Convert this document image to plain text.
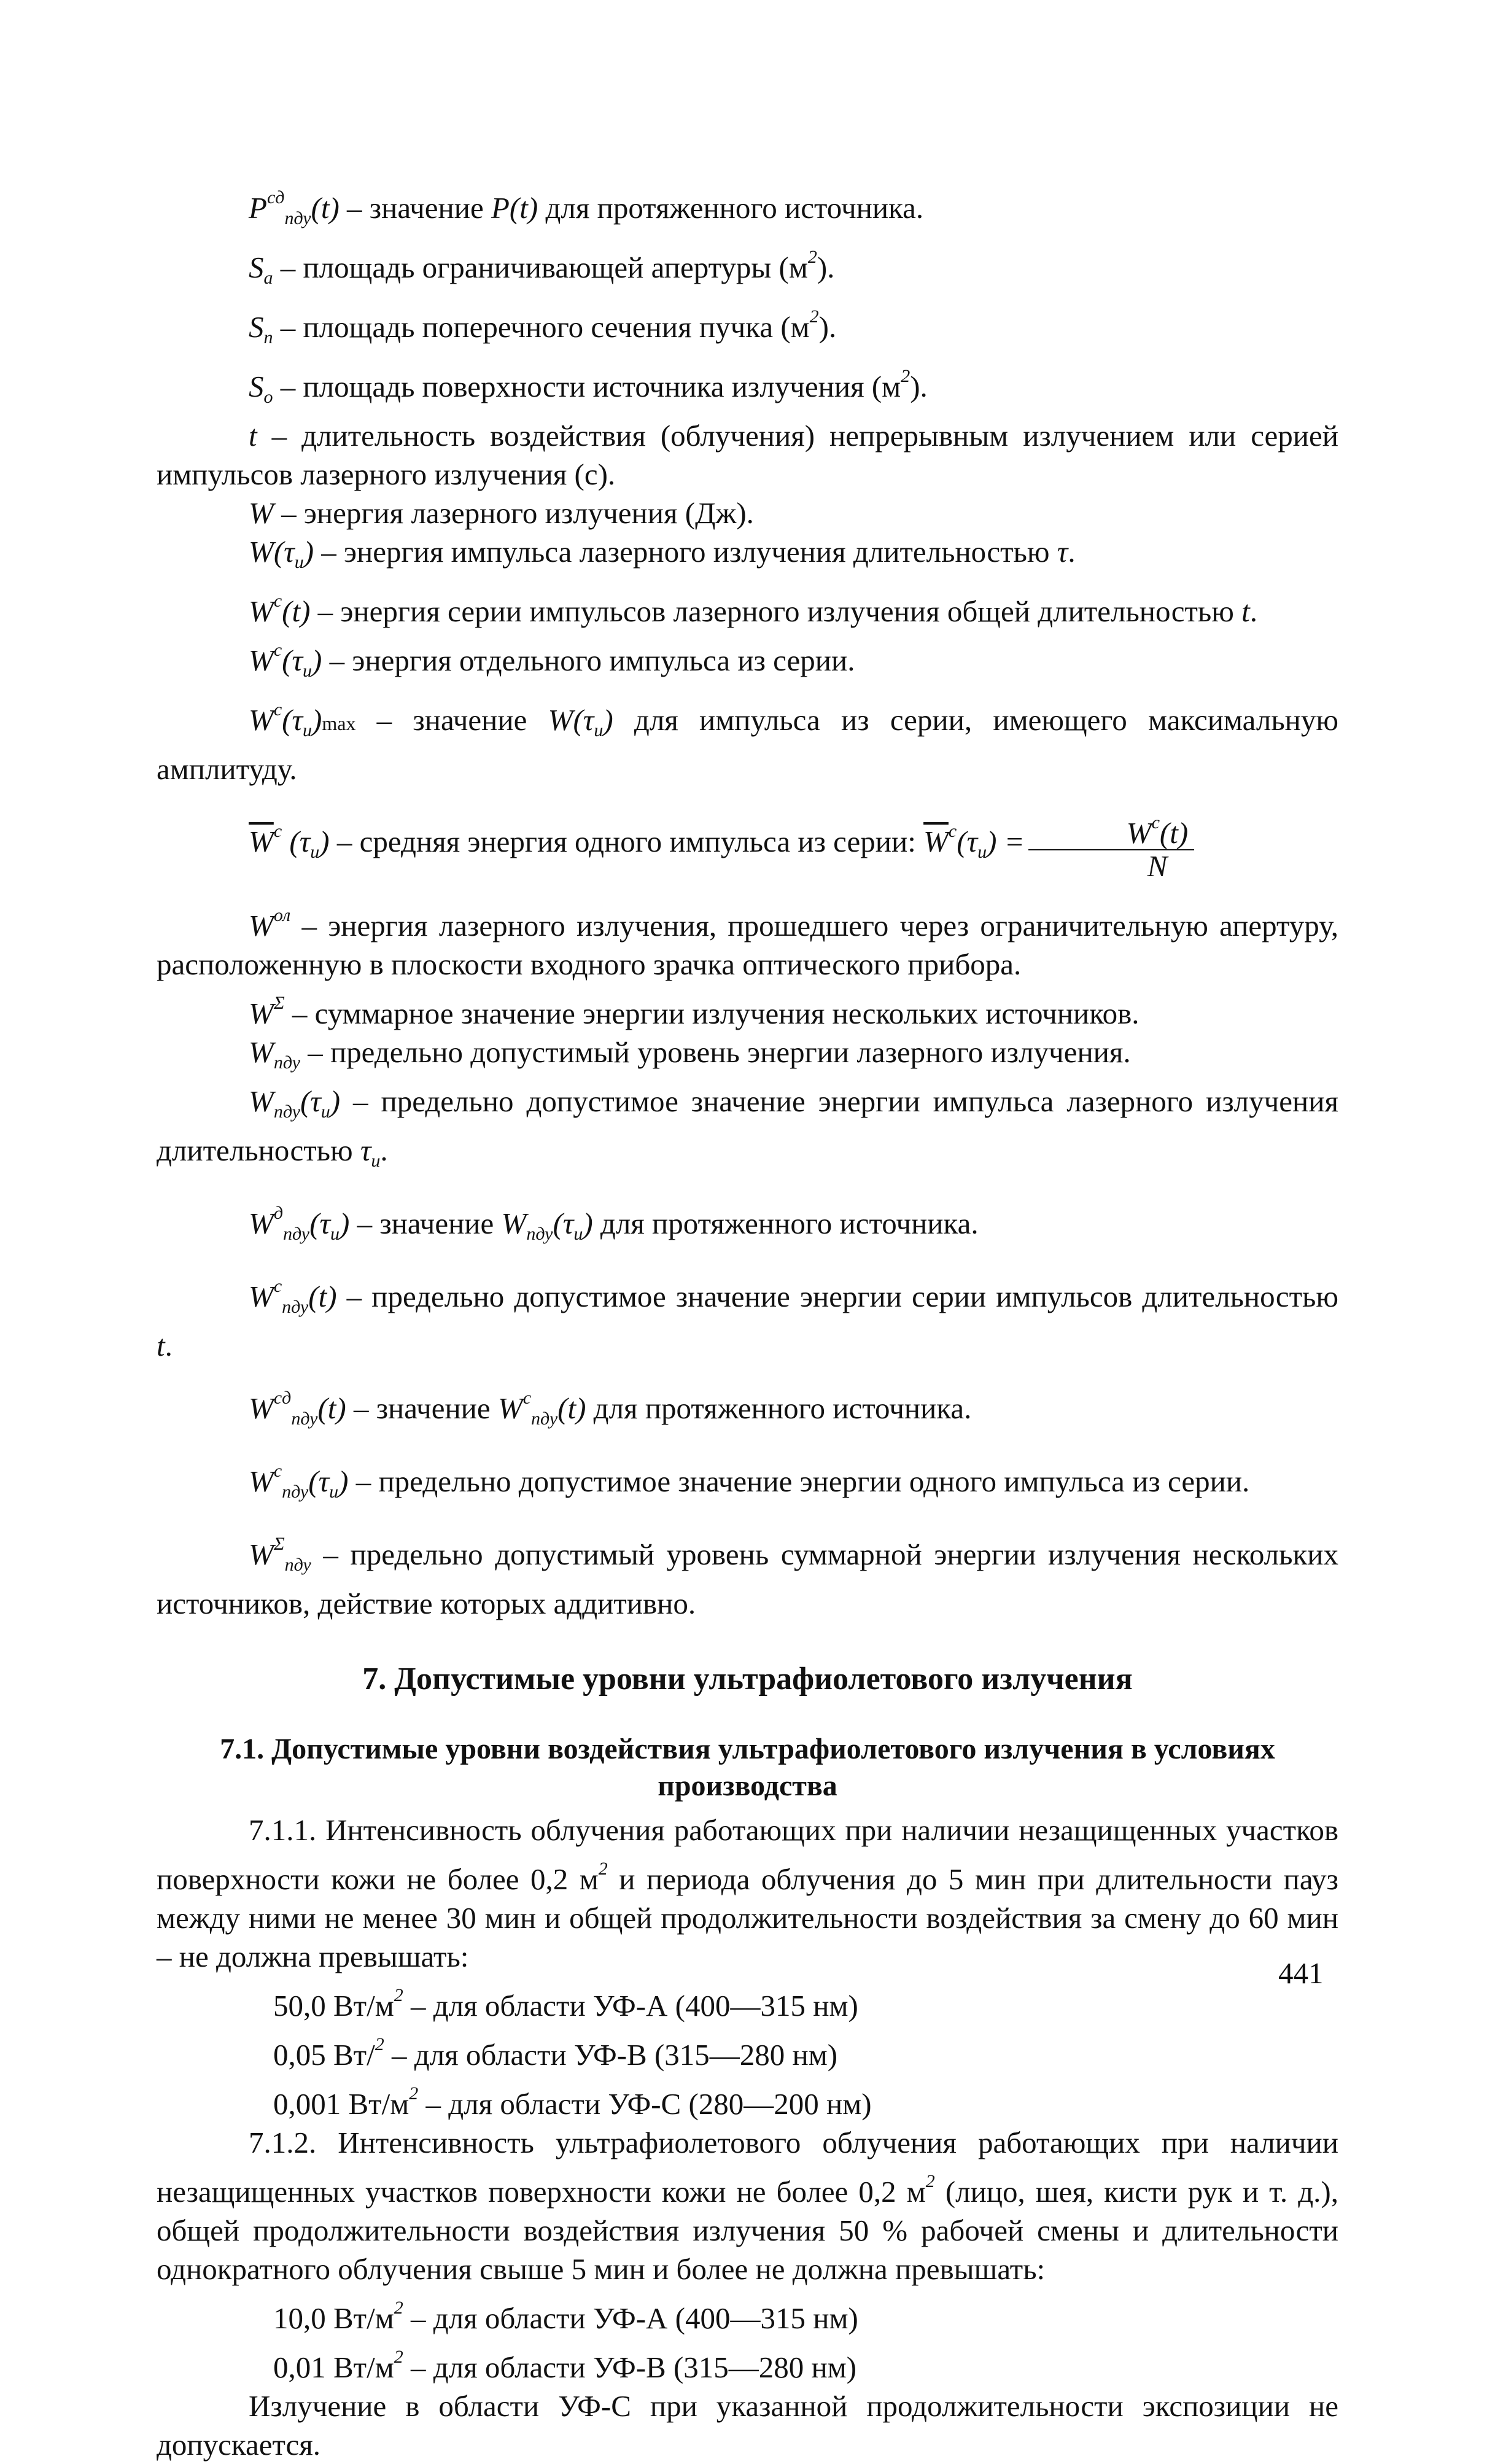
$P^{сд}_{пду}(t)$ – значение P(t) для протяженного источника.

$S_a$ – площадь ограничивающей апертуры $(м^2)$.

$S_n$ – площадь поперечного сечения пучка $(м^2)$.

$S_o$ – площадь поверхности источника излучения $(м^2)$.

t – длительность воздействия (облучения) непрерывным излучением или серией импульсов лазерного излучения (с).

W – энергия лазерного излучения (Дж).

$W(\tau_u)$ – энергия импульса лазерного излучения длительностью τ.

$W^c(t)$ – энергия серии импульсов лазерного излучения общей длительностью t.

$W^c(\tau_u)$ – энергия отдельного импульса из серии.

$W^c(\tau_u)\max$ – значение $W(\tau_u)$ для импульса из серии, имеющего максимальную амплитуду.

$\overline{W}^c$ $(\tau_u)$ – средняя энергия одного импульса из серии: $\overline{W}^c(\tau_u) = \frac{W^c(t)}{N}$

$W^{ол}$ – энергия лазерного излучения, прошедшего через ограничительную апертуру, расположенную в плоскости входного зрачка оптического прибора.

$W^\Sigma$ – суммарное значение энергии излучения нескольких источников.

$W_{пду}$ – предельно допустимый уровень энергии лазерного излучения.

$W_{пду}(\tau_u)$ – предельно допустимое значение энергии импульса лазерного излучения длительностью $\tau_u$.

$W^д_{пду}(\tau_u)$ – значение $W_{пду}(\tau_u)$ для протяженного источника.

$W^c_{пду}(t)$ – предельно допустимое значение энергии серии импульсов длительностью t.

$W^{сд}_{пду}(t)$ – значение $W^c_{пду}(t)$ для протяженного источника.

$W^c_{пду}(\tau_u)$ – предельно допустимое значение энергии одного импульса из серии.

$W^\Sigma_{пду}$ – предельно допустимый уровень суммарной энергии излучения нескольких источников, действие которых аддитивно.

7. Допустимые уровни ультрафиолетового излучения
7.1. Допустимые уровни воздействия ультрафиолетового излучения в условиях производства

7.1.1. Интенсивность облучения работающих при наличии незащищенных участков поверхности кожи не более 0,2 $м^2$ и периода облучения до 5 мин при длительности пауз между ними не менее 30 мин и общей продолжительности воздействия за смену до 60 мин – не должна превышать:

50,0 $Вт/м^2$ – для области УФ-А (400—315 нм)

0,05 Вт/$^2$ – для области УФ-В (315—280 нм)

0,001 $Вт/м^2$ – для области УФ-С (280—200 нм)

7.1.2. Интенсивность ультрафиолетового облучения работающих при наличии незащищенных участков поверхности кожи не более 0,2 $м^2$ (лицо, шея, кисти рук и т. д.), общей продолжительности воздействия излучения 50 % рабочей смены и длительности однократного облучения свыше 5 мин и более не должна превышать:

10,0 $Вт/м^2$ – для области УФ-А (400—315 нм)

0,01 $Вт/м^2$ – для области УФ-В (315—280 нм)

Излучение в области УФ-С при указанной продолжительности экспозиции не допускается.

441
